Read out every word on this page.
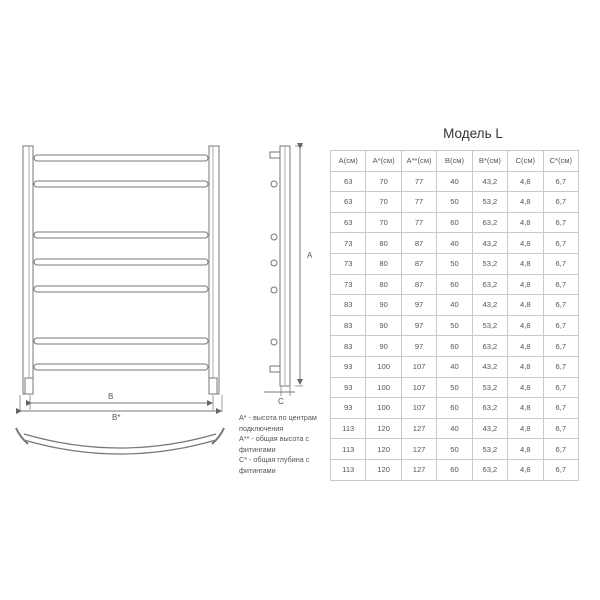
B
B*
A
C

A* - высота по центрам подключения

A** - общая высота с фитингами

C* - общая глубина с фитингами

Модель L
A(см)	A*(см)	A**(см)	B(см)	B*(см)	C(см)	C*(см)
63	70	77	40	43,2	4,8	6,7
63	70	77	50	53,2	4,8	6,7
63	70	77	60	63,2	4,8	6,7
73	80	87	40	43,2	4,8	6,7
73	80	87	50	53,2	4,8	6,7
73	80	87	60	63,2	4,8	6,7
83	90	97	40	43,2	4,8	6,7
83	90	97	50	53,2	4,8	6,7
83	90	97	60	63,2	4,8	6,7
93	100	107	40	43,2	4,8	6,7
93	100	107	50	53,2	4,8	6,7
93	100	107	60	63,2	4,8	6,7
113	120	127	40	43,2	4,8	6,7
113	120	127	50	53,2	4,8	6,7
113	120	127	60	63,2	4,8	6,7
